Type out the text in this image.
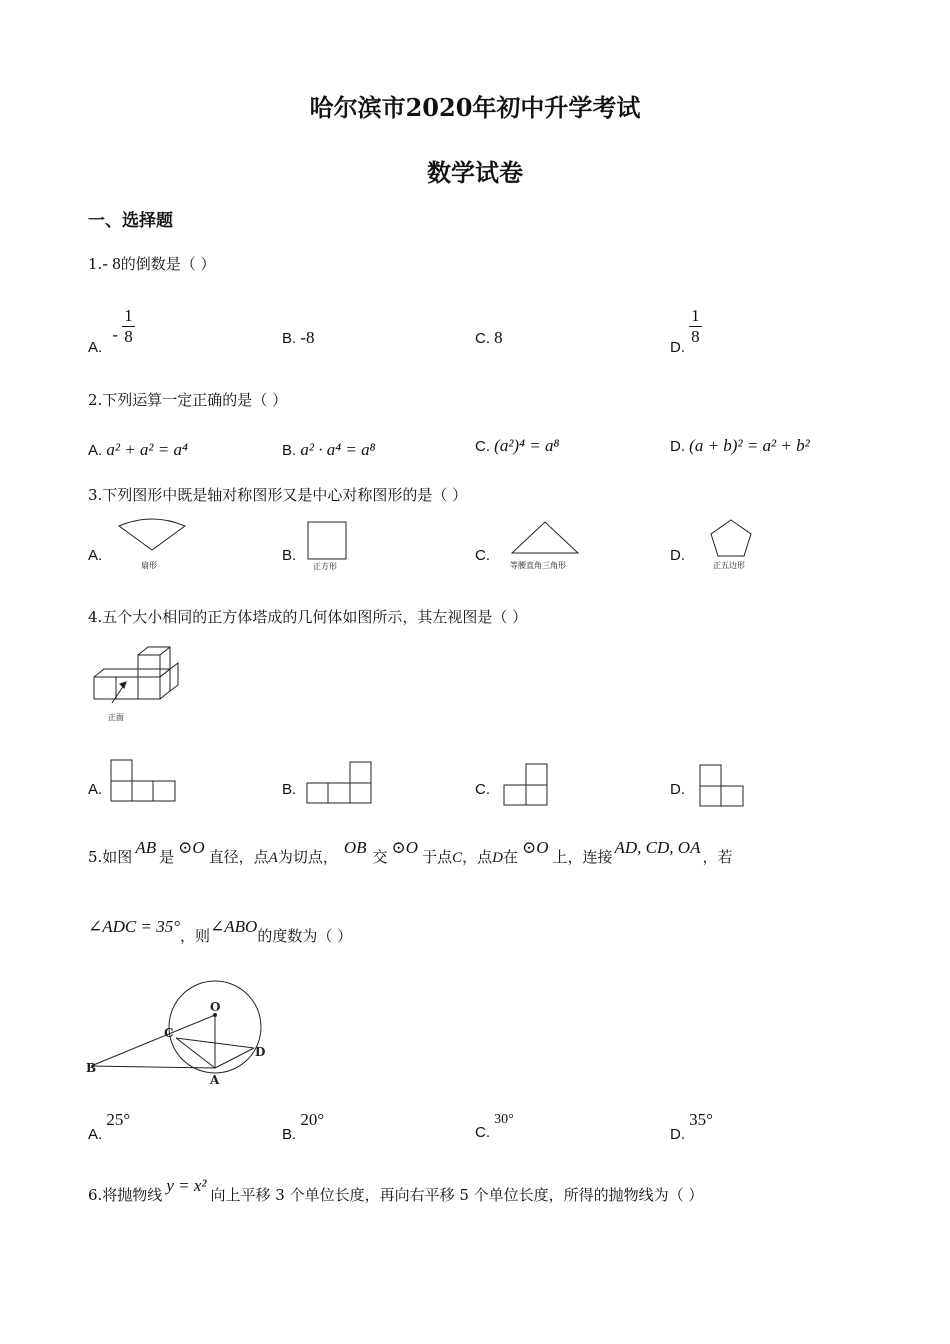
哈尔滨市2020年初中升学考试
数学试卷
一、选择题
1.- 8的倒数是（ ）
A. - $\frac{1}{8}$	B. -8	C. 8
D.
$\frac{1}{8}$
2.下列运算一定正确的是（ ）
A. a² + a² = a⁴	B. a² · a⁴ = a⁸	C. (a²)⁴ = a⁸	D. (a + b)² = a² + b²
3.下列图形中既是轴对称图形又是中心对称图形的是（ ）
A.
扇形
B.
正方形
C.
等腰直角三角形
D.
正五边形
4.五个大小相同的正方体塔成的几何体如图所示，其左视图是（ ）
正面
A.	B.	C.	D.
5.如图 AB 是 ⊙O 直径，点A为切点， OB 交 ⊙O 于点C，点D在 ⊙O 上，连接 AD, CD, OA ，若
∠ADC = 35°，则∠ABO的度数为（ ）
O
C
D
B
A
A. 25°
B. 20°
C. 30°
D. 35°
6.将抛物线 y = x² 向上平移 3 个单位长度，再向右平移 5 个单位长度，所得的抛物线为（ ）
